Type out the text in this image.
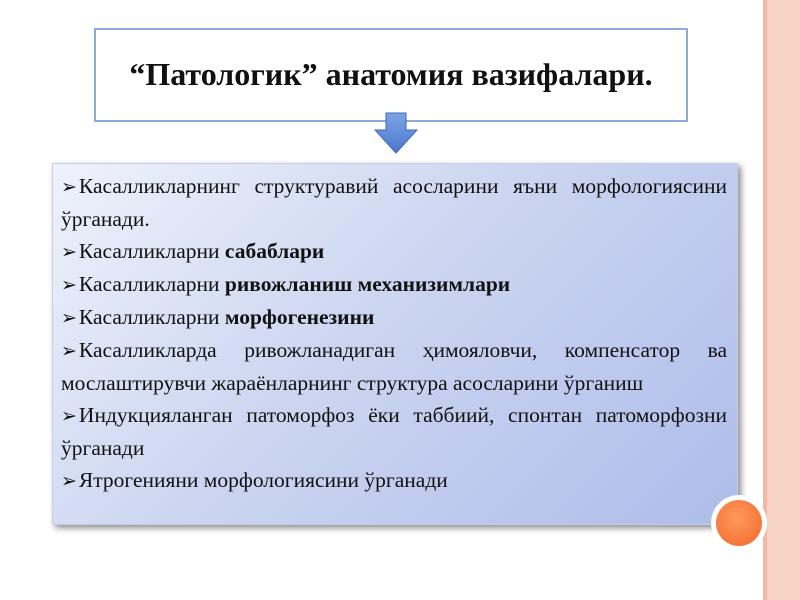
“Патологик” анатомия вазифалари.
➢Касалликларнинг структуравий асосларини яъни морфологиясини ўрганади.
➢Касалликларни сабаблари
➢Касалликларни ривожланиш механизимлари
➢Касалликларни морфогенезини
➢Касалликларда ривожланадиган ҳимояловчи, компенсатор ва мослаштирувчи жараёнларнинг структура асосларини ўрганиш
➢Индукцияланган патоморфоз ёки таббиий, спонтан патоморфозни ўрганади
➢Ятрогенияни морфологиясини ўрганади
